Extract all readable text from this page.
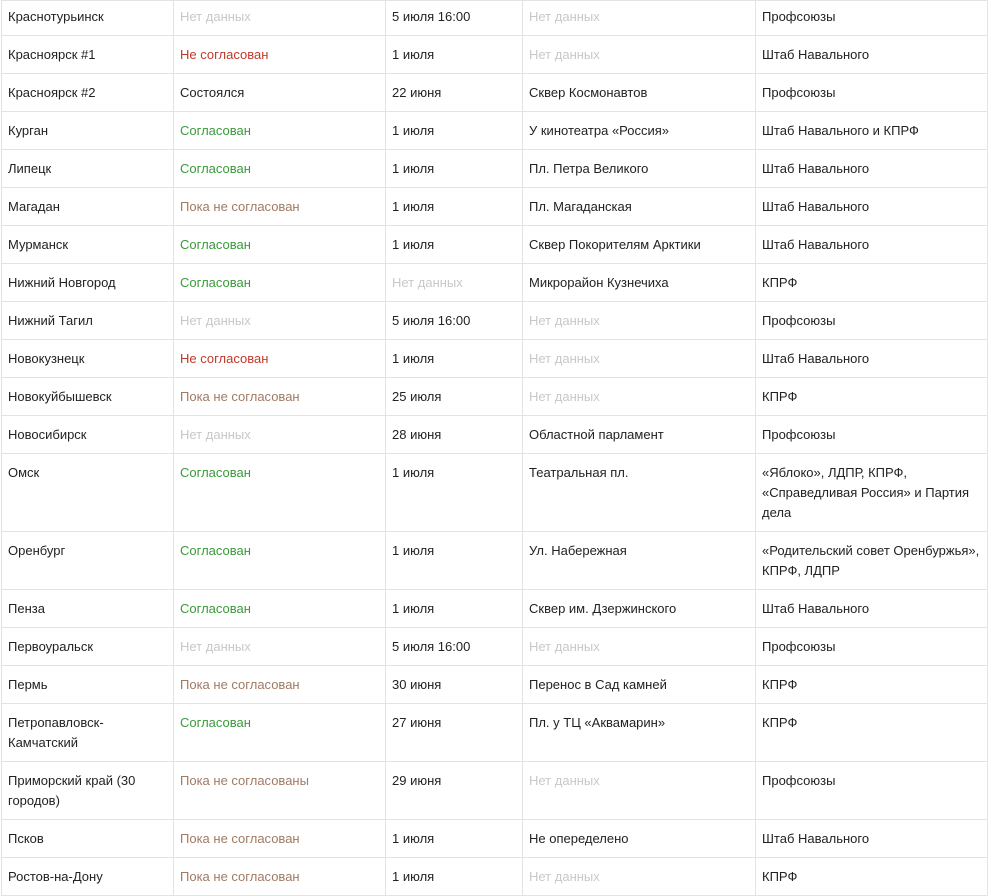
Краснотурьинск	Нет данных	5 июля 16:00	Нет данных	Профсоюзы
Красноярск #1	Не согласован	1 июля	Нет данных	Штаб Навального
Красноярск #2	Состоялся	22 июня	Сквер Космонавтов	Профсоюзы
Курган	Согласован	1 июля	У кинотеатра «Россия»	Штаб Навального и КПРФ
Липецк	Согласован	1 июля	Пл. Петра Великого	Штаб Навального
Магадан	Пока не согласован	1 июля	Пл. Магаданская	Штаб Навального
Мурманск	Согласован	1 июля	Сквер Покорителям Арктики	Штаб Навального
Нижний Новгород	Согласован	Нет данных	Микрорайон Кузнечиха	КПРФ
Нижний Тагил	Нет данных	5 июля 16:00	Нет данных	Профсоюзы
Новокузнецк	Не согласован	1 июля	Нет данных	Штаб Навального
Новокуйбышевск	Пока не согласован	25 июля	Нет данных	КПРФ
Новосибирск	Нет данных	28 июня	Областной парламент	Профсоюзы
Омск	Согласован	1 июля	Театральная пл.	«Яблоко», ЛДПР, КПРФ, «Справедливая Россия» и Партия дела
Оренбург	Согласован	1 июля	Ул. Набережная	«Родительский совет Оренбуржья», КПРФ, ЛДПР
Пенза	Согласован	1 июля	Сквер им. Дзержинского	Штаб Навального
Первоуральск	Нет данных	5 июля 16:00	Нет данных	Профсоюзы
Пермь	Пока не согласован	30 июня	Перенос в Сад камней	КПРФ
Петропавловск-Камчатский	Согласован	27 июня	Пл. у ТЦ «Аквамарин»	КПРФ
Приморский край (30 городов)	Пока не согласованы	29 июня	Нет данных	Профсоюзы
Псков	Пока не согласован	1 июля	Не опеределено	Штаб Навального
Ростов-на-Дону	Пока не согласован	1 июля	Нет данных	КПРФ
